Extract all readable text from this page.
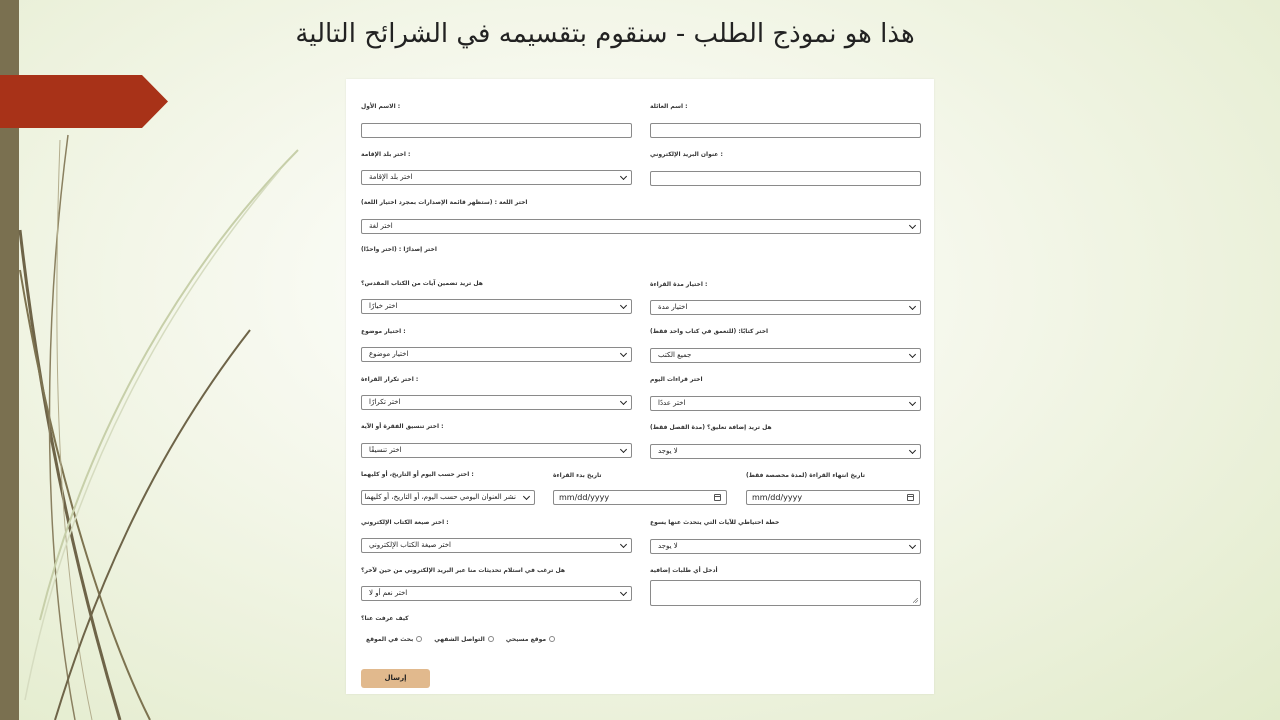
هذا هو نموذج الطلب - سنقوم بتقسيمه في الشرائح التالية
: الاسم الأول	: اسم العائلة
: اختر بلد الإقامة
اختر بلد الإقامة
: عنوان البريد الإلكتروني
اختر اللغة : (ستظهر قائمة الإصدارات بمجرد اختيار اللغة)
اختر لغة
اختر إصدارًا : (اختر واحدًا)
هل تريد تضمين آيات من الكتاب المقدس؟
اختر خيارًا
: اختيار مدة القراءة
اختيار مدة
: اختيار موضوع
اختيار موضوع
اختر كتابًا: (للتعمق في كتاب واحد فقط)
جميع الكتب
: اختر تكرار القراءة
اختر تكرارًا
اختر قراءات اليوم
اختر عددًا
: اختر تنسيق الفقرة أو الآية
اختر تنسيقًا
هل تريد إضافة تعليق؟ (مدة الفصل فقط)
لا يوجد
: اختر حسب اليوم أو التاريخ، أو كليهما
نشر العنوان اليومي حسب اليوم، أو التاريخ، أو كليهما
تاريخ بدء القراءة
mm/dd/yyyy
تاريخ انتهاء القراءة (لمدة مخصصة فقط)
mm/dd/yyyy
: اختر صيغة الكتاب الإلكتروني
اختر صيغة الكتاب الإلكتروني
خطة احتياطي للآيات التي يتحدث عنها يسوع
لا يوجد
هل ترغب في استلام تحديثات منا عبر البريد الإلكتروني من حين لآخر؟
اختر نعم أو لا
أدخل أي طلبات إضافية
كيف عرفت عنا؟
موقع مسيحي
التواصل الشفهي
بحث في الموقع
إرسال
